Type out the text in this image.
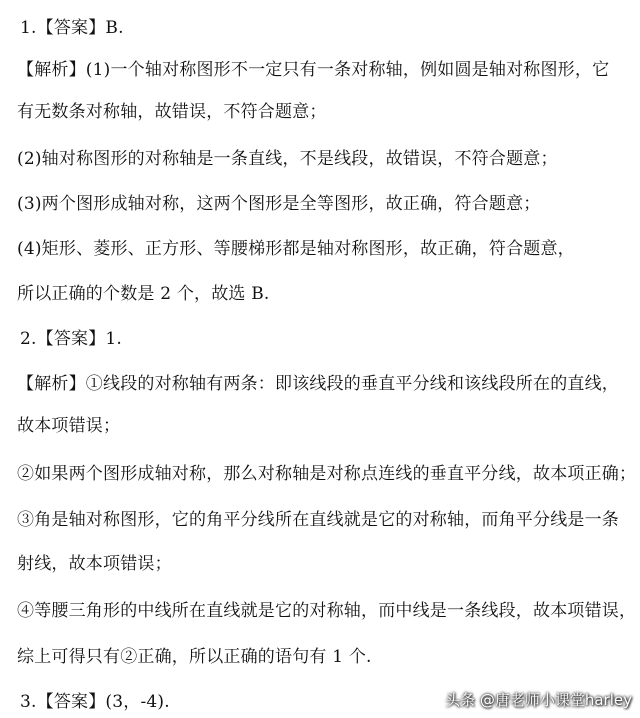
1.【答案】B.
【解析】(1)一个轴对称图形不一定只有一条对称轴，例如圆是轴对称图形，它
有无数条对称轴，故错误，不符合题意；
(2)轴对称图形的对称轴是一条直线，不是线段，故错误，不符合题意；
(3)两个图形成轴对称，这两个图形是全等图形，故正确，符合题意；
(4)矩形、菱形、正方形、等腰梯形都是轴对称图形，故正确，符合题意，
所以正确的个数是 2 个，故选 B.
2.【答案】1.
【解析】①线段的对称轴有两条：即该线段的垂直平分线和该线段所在的直线，
故本项错误；
②如果两个图形成轴对称，那么对称轴是对称点连线的垂直平分线，故本项正确；
③角是轴对称图形，它的角平分线所在直线就是它的对称轴，而角平分线是一条
射线，故本项错误；
④等腰三角形的中线所在直线就是它的对称轴，而中线是一条线段，故本项错误，
综上可得只有②正确，所以正确的语句有 1 个.
3.【答案】(3，-4).	头条 @唐老师小课堂harley
